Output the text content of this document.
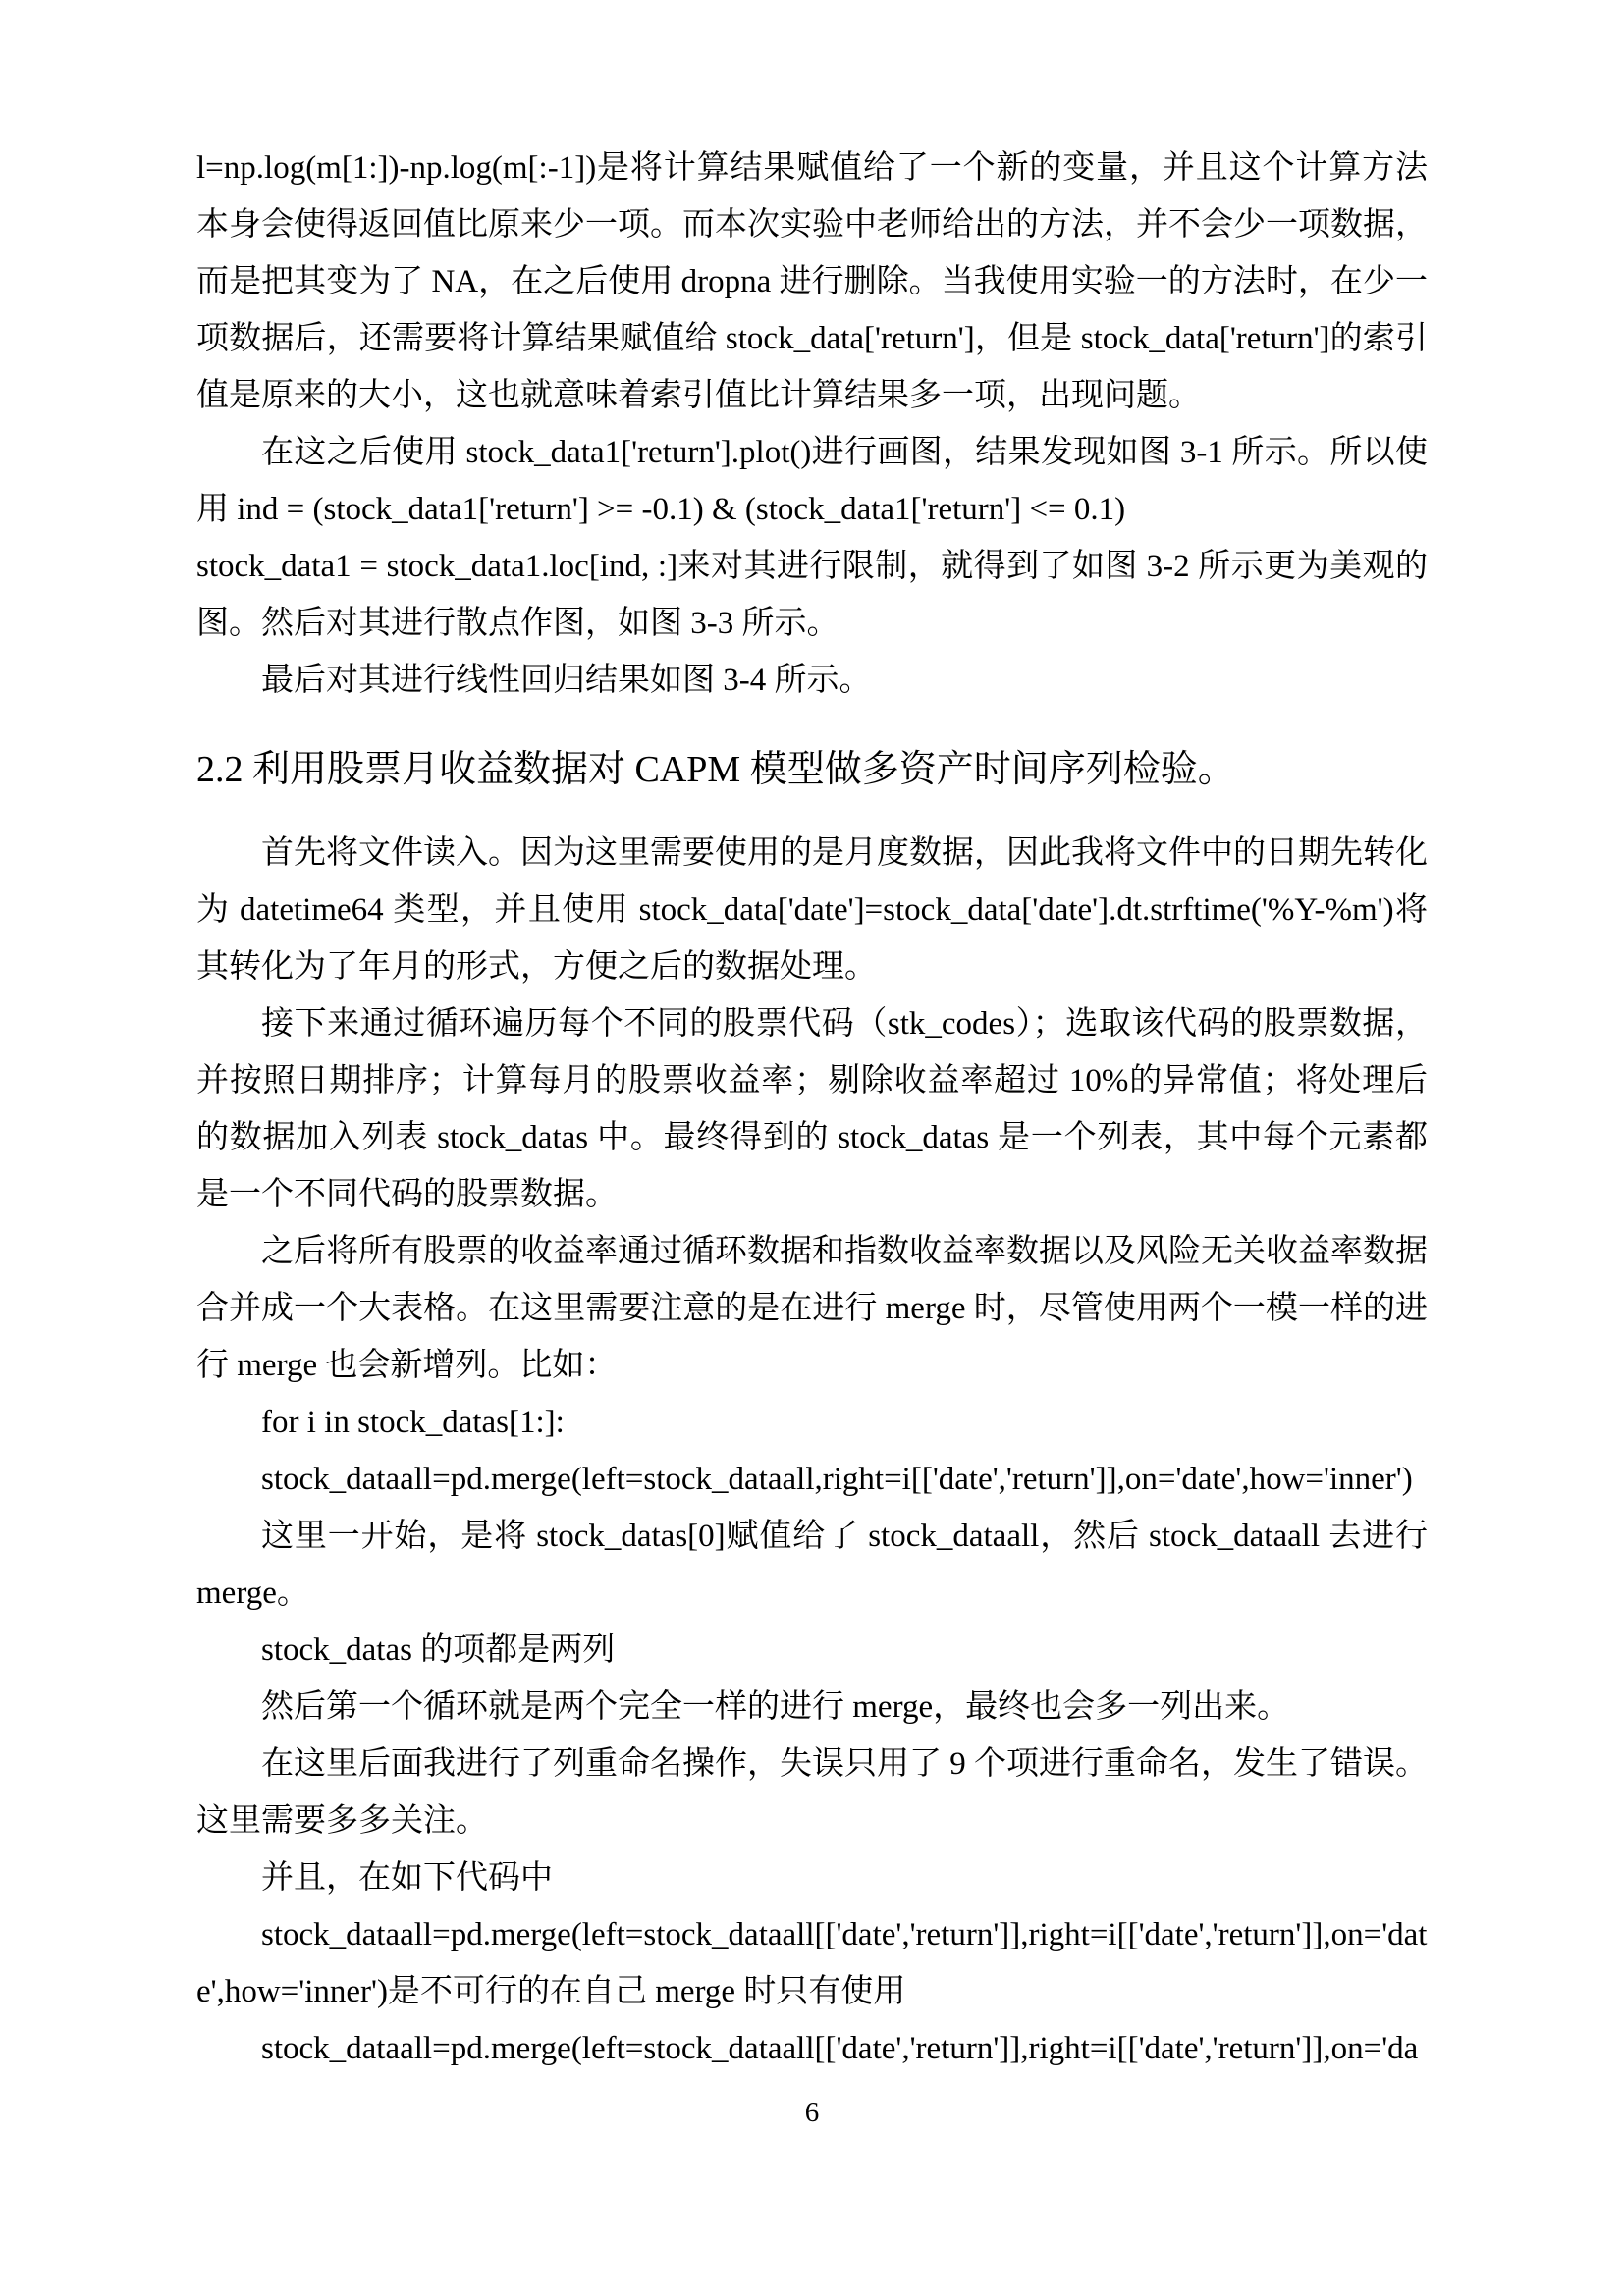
l=np.log(m[1:])-np.log(m[:-1])是将计算结果赋值给了一个新的变量，并且这个计算方法本身会使得返回值比原来少一项。而本次实验中老师给出的方法，并不会少一项数据，而是把其变为了 NA，在之后使用 dropna 进行删除。当我使用实验一的方法时，在少一项数据后，还需要将计算结果赋值给 stock_data['return']，但是 stock_data['return']的索引值是原来的大小，这也就意味着索引值比计算结果多一项，出现问题。

在这之后使用 stock_data1['return'].plot()进行画图，结果发现如图 3-1 所示。所以使用 ind = (stock_data1['return'] >= -0.1) & (stock_data1['return'] <= 0.1)

stock_data1 = stock_data1.loc[ind, :]来对其进行限制，就得到了如图 3-2 所示更为美观的图。然后对其进行散点作图，如图 3-3 所示。

最后对其进行线性回归结果如图 3-4 所示。

2.2 利用股票月收益数据对 CAPM 模型做多资产时间序列检验。

首先将文件读入。因为这里需要使用的是月度数据，因此我将文件中的日期先转化为 datetime64 类型，并且使用 stock_data['date']=stock_data['date'].dt.strftime('%Y-%m')将其转化为了年月的形式，方便之后的数据处理。

接下来通过循环遍历每个不同的股票代码（stk_codes）；选取该代码的股票数据，并按照日期排序；计算每月的股票收益率；剔除收益率超过 10%的异常值；将处理后的数据加入列表 stock_datas 中。最终得到的 stock_datas 是一个列表，其中每个元素都是一个不同代码的股票数据。

之后将所有股票的收益率通过循环数据和指数收益率数据以及风险无关收益率数据合并成一个大表格。在这里需要注意的是在进行 merge 时，尽管使用两个一模一样的进行 merge 也会新增列。比如：

for i in stock_datas[1:]:

stock_dataall=pd.merge(left=stock_dataall,right=i[['date','return']],on='date',how='inner')

这里一开始，是将 stock_datas[0]赋值给了 stock_dataall，然后 stock_dataall 去进行 merge。

stock_datas 的项都是两列

然后第一个循环就是两个完全一样的进行 merge，最终也会多一列出来。

在这里后面我进行了列重命名操作，失误只用了 9 个项进行重命名，发生了错误。这里需要多多关注。

并且，在如下代码中

stock_dataall=pd.merge(left=stock_dataall[['date','return']],right=i[['date','return']],on='date',how='inner')是不可行的在自己 merge 时只有使用

stock_dataall=pd.merge(left=stock_dataall[['date','return']],right=i[['date','return']],on='da

6
